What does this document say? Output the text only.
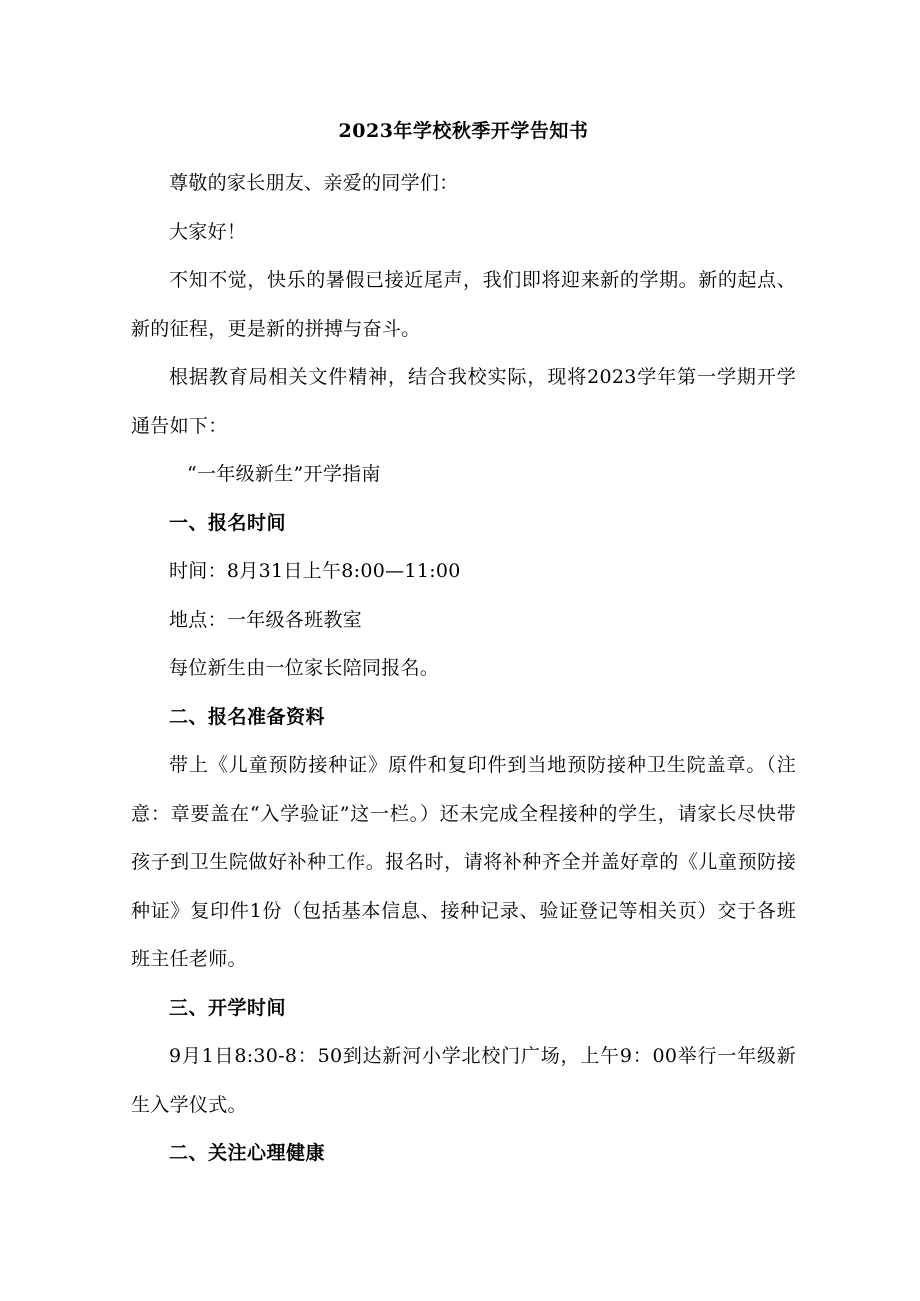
2023年学校秋季开学告知书

尊敬的家长朋友、亲爱的同学们：

大家好！

不知不觉，快乐的暑假已接近尾声，我们即将迎来新的学期。新的起点、新的征程，更是新的拼搏与奋斗。

根据教育局相关文件精神，结合我校实际，现将2023学年第一学期开学通告如下：

“一年级新生”开学指南

一、报名时间

时间：8月31日上午8:00—11:00

地点：一年级各班教室

每位新生由一位家长陪同报名。

二、报名准备资料

带上《儿童预防接种证》原件和复印件到当地预防接种卫生院盖章。（注意：章要盖在“入学验证”这一栏。）还未完成全程接种的学生，请家长尽快带孩子到卫生院做好补种工作。报名时，请将补种齐全并盖好章的《儿童预防接种证》复印件1份（包括基本信息、接种记录、验证登记等相关页）交于各班班主任老师。

三、开学时间

9月1日8:30-8：50到达新河小学北校门广场，上午9：00举行一年级新生入学仪式。

二、关注心理健康
